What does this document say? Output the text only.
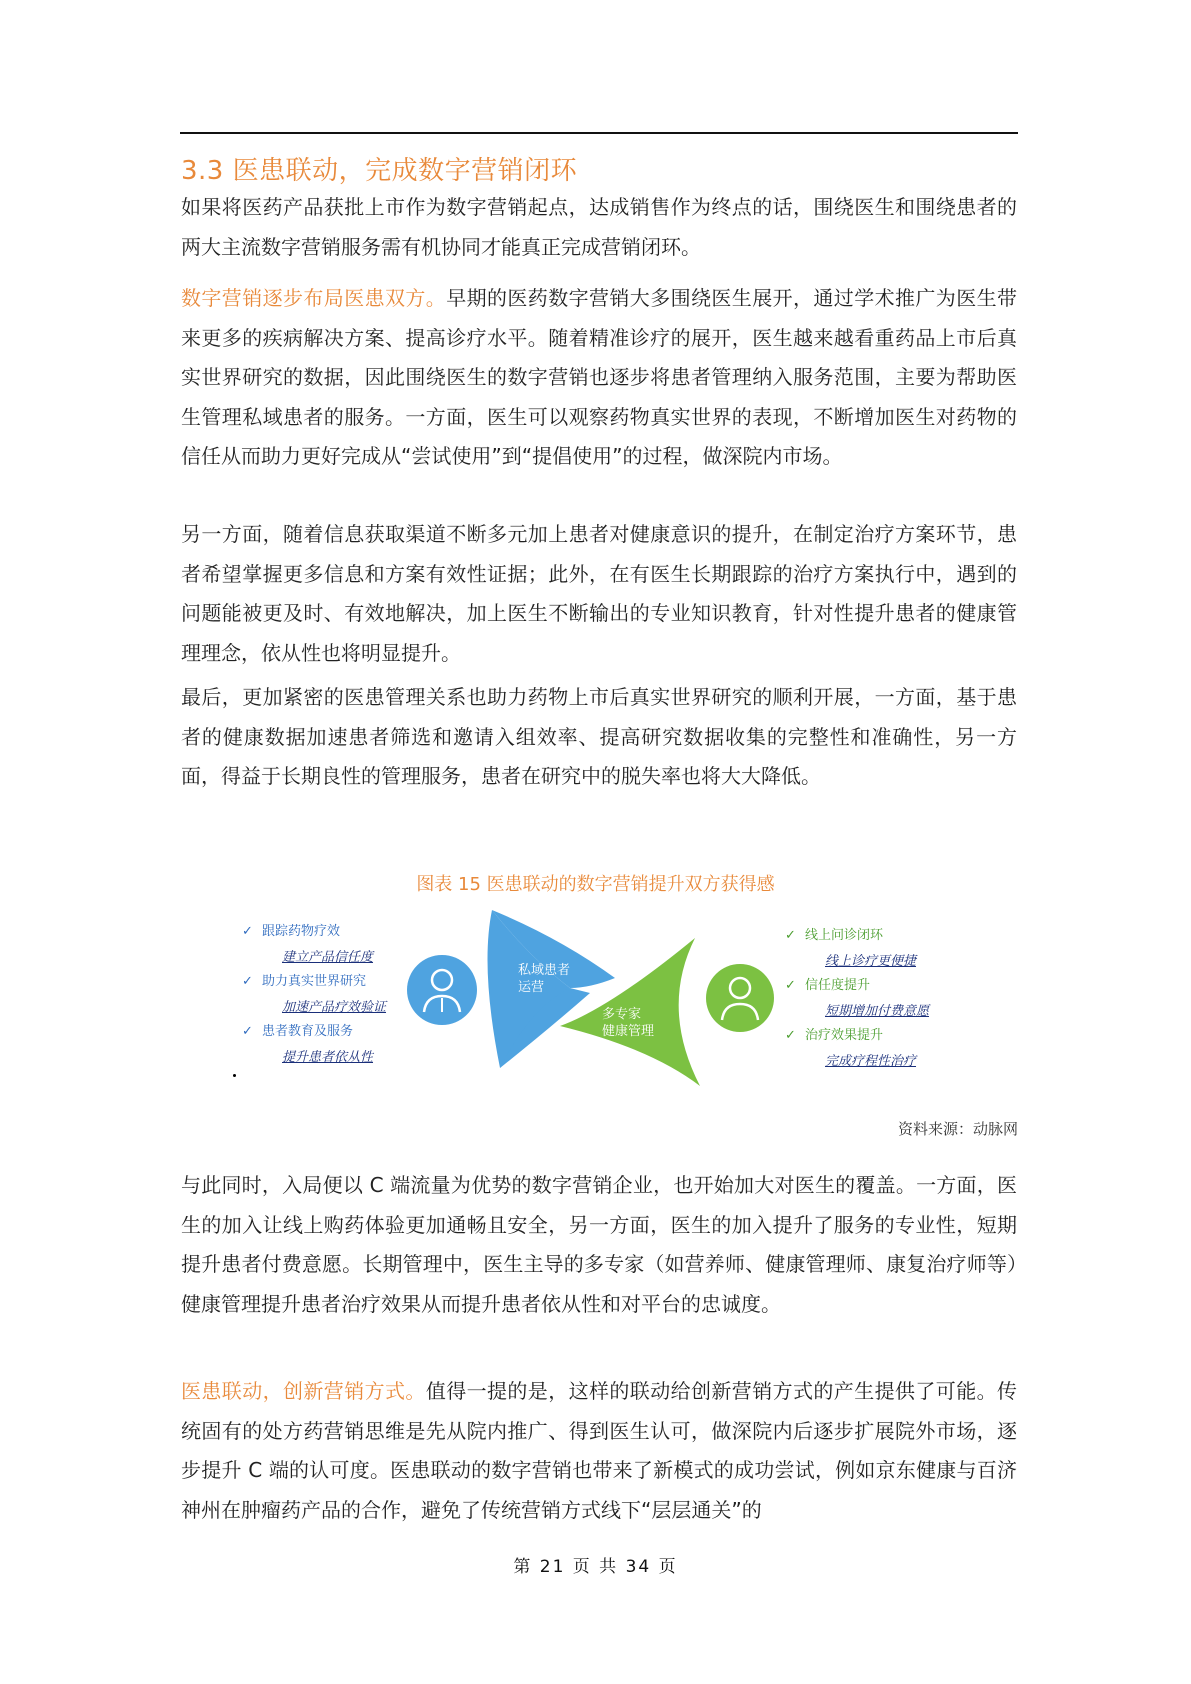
3.3 医患联动，完成数字营销闭环

如果将医药产品获批上市作为数字营销起点，达成销售作为终点的话，围绕医生和围绕患者的两大主流数字营销服务需有机协同才能真正完成营销闭环。

数字营销逐步布局医患双方。早期的医药数字营销大多围绕医生展开，通过学术推广为医生带来更多的疾病解决方案、提高诊疗水平。随着精准诊疗的展开，医生越来越看重药品上市后真实世界研究的数据，因此围绕医生的数字营销也逐步将患者管理纳入服务范围，主要为帮助医生管理私域患者的服务。一方面，医生可以观察药物真实世界的表现，不断增加医生对药物的信任从而助力更好完成从“尝试使用”到“提倡使用”的过程，做深院内市场。

另一方面，随着信息获取渠道不断多元加上患者对健康意识的提升，在制定治疗方案环节，患者希望掌握更多信息和方案有效性证据；此外，在有医生长期跟踪的治疗方案执行中，遇到的问题能被更及时、有效地解决，加上医生不断输出的专业知识教育，针对性提升患者的健康管理理念，依从性也将明显提升。

最后，更加紧密的医患管理关系也助力药物上市后真实世界研究的顺利开展，一方面，基于患者的健康数据加速患者筛选和邀请入组效率、提高研究数据收集的完整性和准确性，另一方面，得益于长期良性的管理服务，患者在研究中的脱失率也将大大降低。

图表 15 医患联动的数字营销提升双方获得感
私域患者
运营
多专家
健康管理
✓ 跟踪药物疗效
建立产品信任度
✓ 助力真实世界研究
加速产品疗效验证
✓ 患者教育及服务
提升患者依从性
✓ 线上问诊闭环
线上诊疗更便捷
✓ 信任度提升
短期增加付费意愿
✓ 治疗效果提升
完成疗程性治疗
资料来源：动脉网

与此同时，入局便以 C 端流量为优势的数字营销企业，也开始加大对医生的覆盖。一方面，医生的加入让线上购药体验更加通畅且安全，另一方面，医生的加入提升了服务的专业性，短期提升患者付费意愿。长期管理中，医生主导的多专家（如营养师、健康管理师、康复治疗师等）健康管理提升患者治疗效果从而提升患者依从性和对平台的忠诚度。

医患联动，创新营销方式。值得一提的是，这样的联动给创新营销方式的产生提供了可能。传统固有的处方药营销思维是先从院内推广、得到医生认可，做深院内后逐步扩展院外市场，逐步提升 C 端的认可度。医患联动的数字营销也带来了新模式的成功尝试，例如京东健康与百济神州在肿瘤药产品的合作，避免了传统营销方式线下“层层通关”的

第 21 页 共 34 页
